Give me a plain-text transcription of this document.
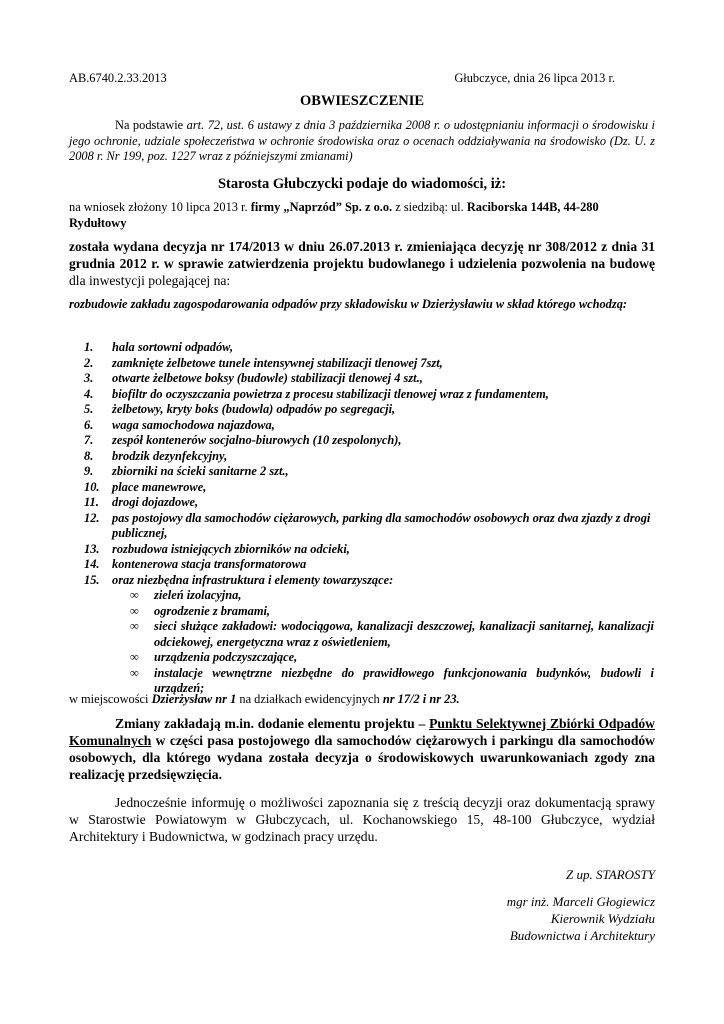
AB.6740.2.33.2013	Głubczyce, dnia 26 lipca 2013 r.
OBWIESZCZENIE
Na podstawie art. 72, ust. 6 ustawy z dnia 3 października 2008 r. o udostępnianiu informacji o środowisku i jego ochronie, udziale społeczeństwa w ochronie środowiska oraz o ocenach oddziaływania na środowisko (Dz. U. z 2008 r. Nr 199, poz. 1227 wraz z późniejszymi zmianami)
Starosta Głubczycki podaje do wiadomości, iż:
na wniosek złożony 10 lipca 2013 r. firmy „Naprzód” Sp. z o.o. z siedzibą: ul. Raciborska 144B, 44-280 Rydułtowy
została wydana decyzja nr 174/2013 w dniu 26.07.2013 r. zmieniająca decyzję nr 308/2012 z dnia 31 grudnia 2012 r. w sprawie zatwierdzenia projektu budowlanego i udzielenia pozwolenia na budowę dla inwestycji polegającej na:
rozbudowie zakładu zagospodarowania odpadów przy składowisku w Dzierżysławiu w skład którego wchodzą:
1.	hala sortowni odpadów,
2.	zamknięte żelbetowe tunele intensywnej stabilizacji tlenowej 7szt,
3.	otwarte żelbetowe boksy (budowle) stabilizacji tlenowej 4 szt.,
4.	biofiltr do oczyszczania powietrza z procesu stabilizacji tlenowej wraz z fundamentem,
5.	żelbetowy, kryty boks (budowla) odpadów po segregacji,
6.	waga samochodowa najazdowa,
7.	zespół kontenerów socjalno-biurowych (10 zespolonych),
8.	brodzik dezynfekcyjny,
9.	zbiorniki na ścieki sanitarne 2 szt.,
10.	place manewrowe,
11.	drogi dojazdowe,
12.	pas postojowy dla samochodów ciężarowych, parking dla samochodów osobowych oraz dwa zjazdy z drogi publicznej,
13.	rozbudowa istniejących zbiorników na odcieki,
14.	kontenerowa stacja transformatorowa
15.	oraz niezbędna infrastruktura i elementy towarzyszące:
∞ zieleń izolacyjna,
∞ ogrodzenie z bramami,
∞ sieci służące zakładowi: wodociągowa, kanalizacji deszczowej, kanalizacji sanitarnej, kanalizacji odciekowej, energetyczna wraz z oświetleniem,
∞ urządzenia podczyszczające,
∞ instalacje wewnętrzne niezbędne do prawidłowego funkcjonowania budynków, budowli i urządzeń;
w miejscowości Dzierżysław nr 1 na działkach ewidencyjnych nr 17/2 i nr 23.
Zmiany zakładają m.in. dodanie elementu projektu – Punktu Selektywnej Zbiórki Odpadów Komunalnych w części pasa postojowego dla samochodów ciężarowych i parkingu dla samochodów osobowych, dla którego wydana została decyzja o środowiskowych uwarunkowaniach zgody zna realizację przedsięwzięcia.
Jednocześnie informuję o możliwości zapoznania się z treścią decyzji oraz dokumentacją sprawy w Starostwie Powiatowym w Głubczycach, ul. Kochanowskiego 15, 48-100 Głubczyce, wydział Architektury i Budownictwa, w godzinach pracy urzędu.
Z up. STAROSTY
mgr inż. Marceli Głogiewicz
Kierownik Wydziału
Budownictwa i Architektury
